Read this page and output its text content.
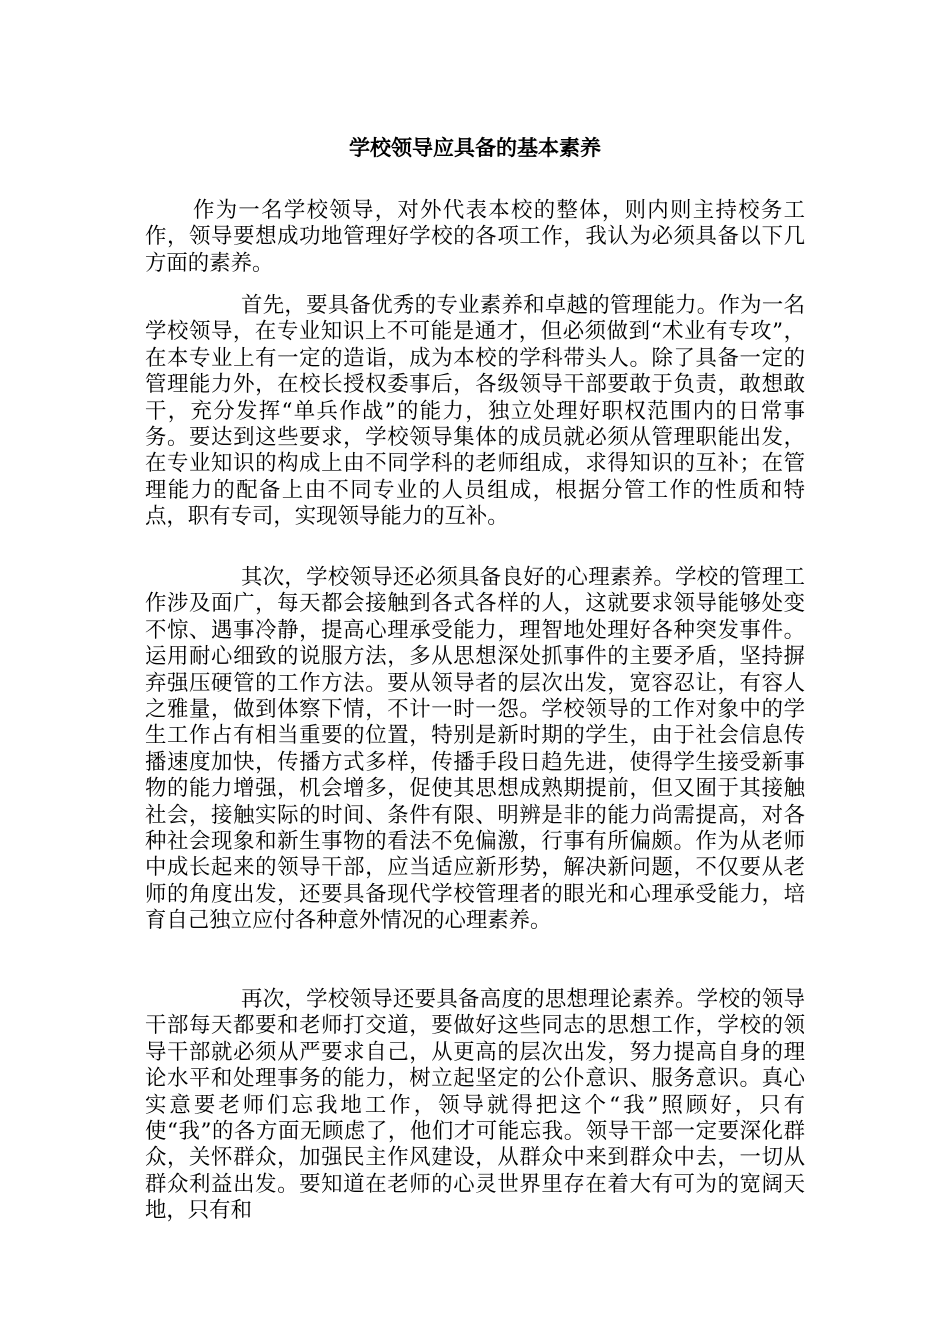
学校领导应具备的基本素养

作为一名学校领导，对外代表本校的整体，则内则主持校务工作，领导要想成功地管理好学校的各项工作，我认为必须具备以下几方面的素养。

首先，要具备优秀的专业素养和卓越的管理能力。作为一名学校领导，在专业知识上不可能是通才，但必须做到“术业有专攻”，在本专业上有一定的造诣，成为本校的学科带头人。除了具备一定的管理能力外，在校长授权委事后，各级领导干部要敢于负责，敢想敢干，充分发挥“单兵作战”的能力，独立处理好职权范围内的日常事务。要达到这些要求，学校领导集体的成员就必须从管理职能出发，在专业知识的构成上由不同学科的老师组成，求得知识的互补；在管理能力的配备上由不同专业的人员组成，根据分管工作的性质和特点，职有专司，实现领导能力的互补。

其次，学校领导还必须具备良好的心理素养。学校的管理工作涉及面广，每天都会接触到各式各样的人，这就要求领导能够处变不惊、遇事冷静，提高心理承受能力，理智地处理好各种突发事件。运用耐心细致的说服方法，多从思想深处抓事件的主要矛盾，坚持摒弃强压硬管的工作方法。要从领导者的层次出发，宽容忍让，有容人之雅量，做到体察下情，不计一时一怨。学校领导的工作对象中的学生工作占有相当重要的位置，特别是新时期的学生，由于社会信息传播速度加快，传播方式多样，传播手段日趋先进，使得学生接受新事物的能力增强，机会增多，促使其思想成熟期提前，但又囿于其接触社会，接触实际的时间、条件有限、明辨是非的能力尚需提高，对各种社会现象和新生事物的看法不免偏激，行事有所偏颇。作为从老师中成长起来的领导干部，应当适应新形势，解决新问题，不仅要从老师的角度出发，还要具备现代学校管理者的眼光和心理承受能力，培育自己独立应付各种意外情况的心理素养。

再次，学校领导还要具备高度的思想理论素养。学校的领导干部每天都要和老师打交道，要做好这些同志的思想工作，学校的领导干部就必须从严要求自己，从更高的层次出发，努力提高自身的理论水平和处理事务的能力，树立起坚定的公仆意识、服务意识。真心实意要老师们忘我地工作，领导就得把这个“我”照顾好，只有使“我”的各方面无顾虑了，他们才可能忘我。领导干部一定要深化群众，关怀群众，加强民主作风建设，从群众中来到群众中去，一切从群众利益出发。要知道在老师的心灵世界里存在着大有可为的宽阔天地，只有和
